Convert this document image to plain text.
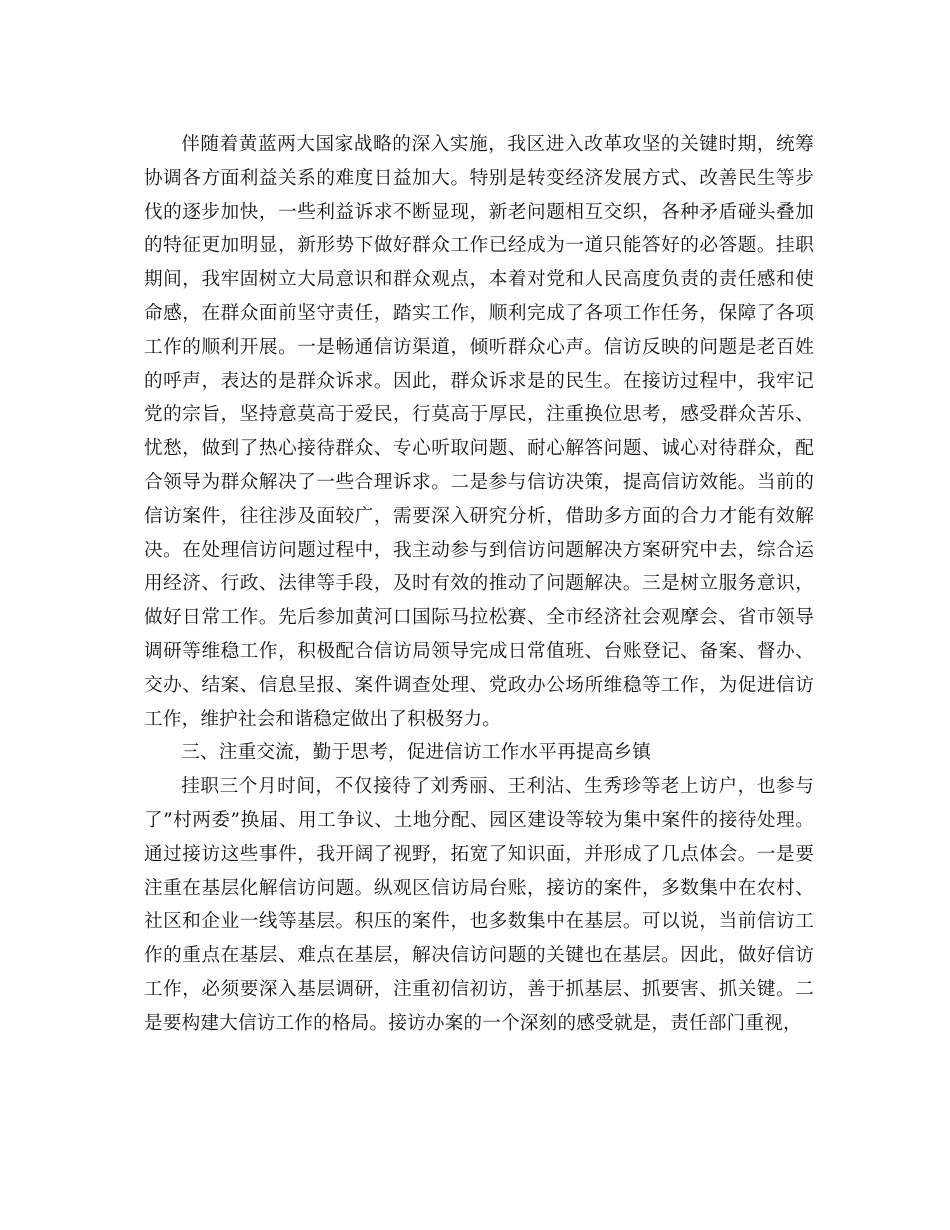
伴随着黄蓝两大国家战略的深入实施，我区进入改革攻坚的关键时期，统筹协调各方面利益关系的难度日益加大。特别是转变经济发展方式、改善民生等步伐的逐步加快，一些利益诉求不断显现，新老问题相互交织，各种矛盾碰头叠加的特征更加明显，新形势下做好群众工作已经成为一道只能答好的必答题。挂职期间，我牢固树立大局意识和群众观点，本着对党和人民高度负责的责任感和使命感，在群众面前坚守责任，踏实工作，顺利完成了各项工作任务，保障了各项工作的顺利开展。一是畅通信访渠道，倾听群众心声。信访反映的问题是老百姓的呼声，表达的是群众诉求。因此，群众诉求是的民生。在接访过程中，我牢记党的宗旨，坚持意莫高于爱民，行莫高于厚民，注重换位思考，感受群众苦乐、忧愁，做到了热心接待群众、专心听取问题、耐心解答问题、诚心对待群众，配合领导为群众解决了一些合理诉求。二是参与信访决策，提高信访效能。当前的信访案件，往往涉及面较广，需要深入研究分析，借助多方面的合力才能有效解决。在处理信访问题过程中，我主动参与到信访问题解决方案研究中去，综合运用经济、行政、法律等手段，及时有效的推动了问题解决。三是树立服务意识，做好日常工作。先后参加黄河口国际马拉松赛、全市经济社会观摩会、省市领导调研等维稳工作，积极配合信访局领导完成日常值班、台账登记、备案、督办、交办、结案、信息呈报、案件调查处理、党政办公场所维稳等工作，为促进信访工作，维护社会和谐稳定做出了积极努力。

三、注重交流，勤于思考，促进信访工作水平再提高乡镇

挂职三个月时间，不仅接待了刘秀丽、王利沾、生秀珍等老上访户，也参与了”村两委”换届、用工争议、土地分配、园区建设等较为集中案件的接待处理。通过接访这些事件，我开阔了视野，拓宽了知识面，并形成了几点体会。一是要注重在基层化解信访问题。纵观区信访局台账，接访的案件，多数集中在农村、社区和企业一线等基层。积压的案件，也多数集中在基层。可以说，当前信访工作的重点在基层、难点在基层，解决信访问题的关键也在基层。因此，做好信访工作，必须要深入基层调研，注重初信初访，善于抓基层、抓要害、抓关键。二是要构建大信访工作的格局。接访办案的一个深刻的感受就是，责任部门重视，
